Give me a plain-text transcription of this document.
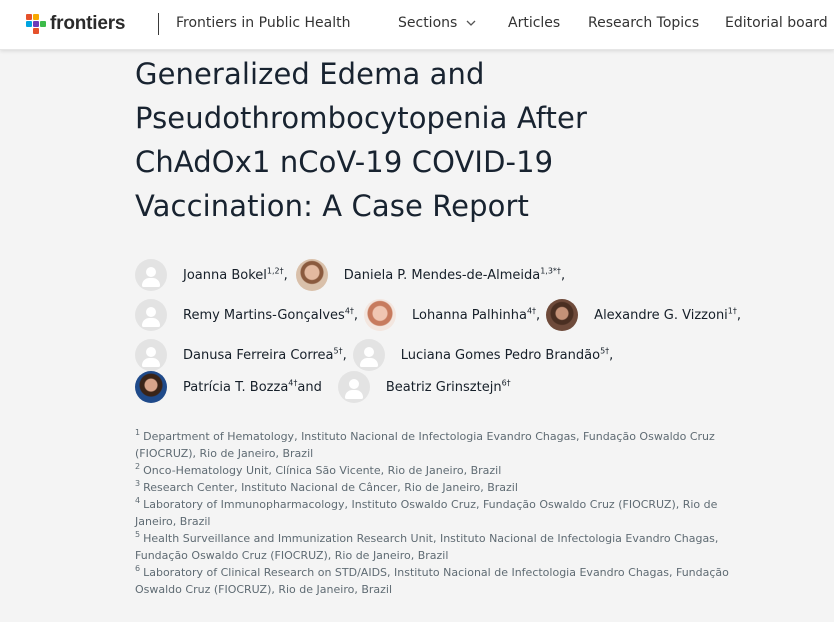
frontiers	Frontiers in Public Health	Sections	Articles Research Topics Editorial board
Generalized Edema and Pseudothrombocytopenia After ChAdOx1 nCoV-19 COVID-19 Vaccination: A Case Report
Joanna Bokel$^{1,2\dagger}$ ,	Daniela P. Mendes-de-Almeida$^{1,3*\dagger}$ ,
Remy Martins-Gonçalves$^{4\dagger}$ ,	Lohanna Palhinha$^{4\dagger}$ ,	Alexandre G. Vizzoni$^{1\dagger}$ ,
Danusa Ferreira Correa$^{5\dagger}$ ,	Luciana Gomes Pedro Brandão$^{5\dagger}$ ,
Patrícia T. Bozza$^{4\dagger}$ and	Beatriz Grinsztejn$^{6\dagger}$
$^1$ Department of Hematology, Instituto Nacional de Infectologia Evandro Chagas, Fundação Oswaldo Cruz (FIOCRUZ), Rio de Janeiro, Brazil
$^2$ Onco-Hematology Unit, Clínica São Vicente, Rio de Janeiro, Brazil
$^3$ Research Center, Instituto Nacional de Câncer, Rio de Janeiro, Brazil
$^4$ Laboratory of Immunopharmacology, Instituto Oswaldo Cruz, Fundação Oswaldo Cruz (FIOCRUZ), Rio de Janeiro, Brazil
$^5$ Health Surveillance and Immunization Research Unit, Instituto Nacional de Infectologia Evandro Chagas, Fundação Oswaldo Cruz (FIOCRUZ), Rio de Janeiro, Brazil
$^6$ Laboratory of Clinical Research on STD/AIDS, Instituto Nacional de Infectologia Evandro Chagas, Fundação Oswaldo Cruz (FIOCRUZ), Rio de Janeiro, Brazil
